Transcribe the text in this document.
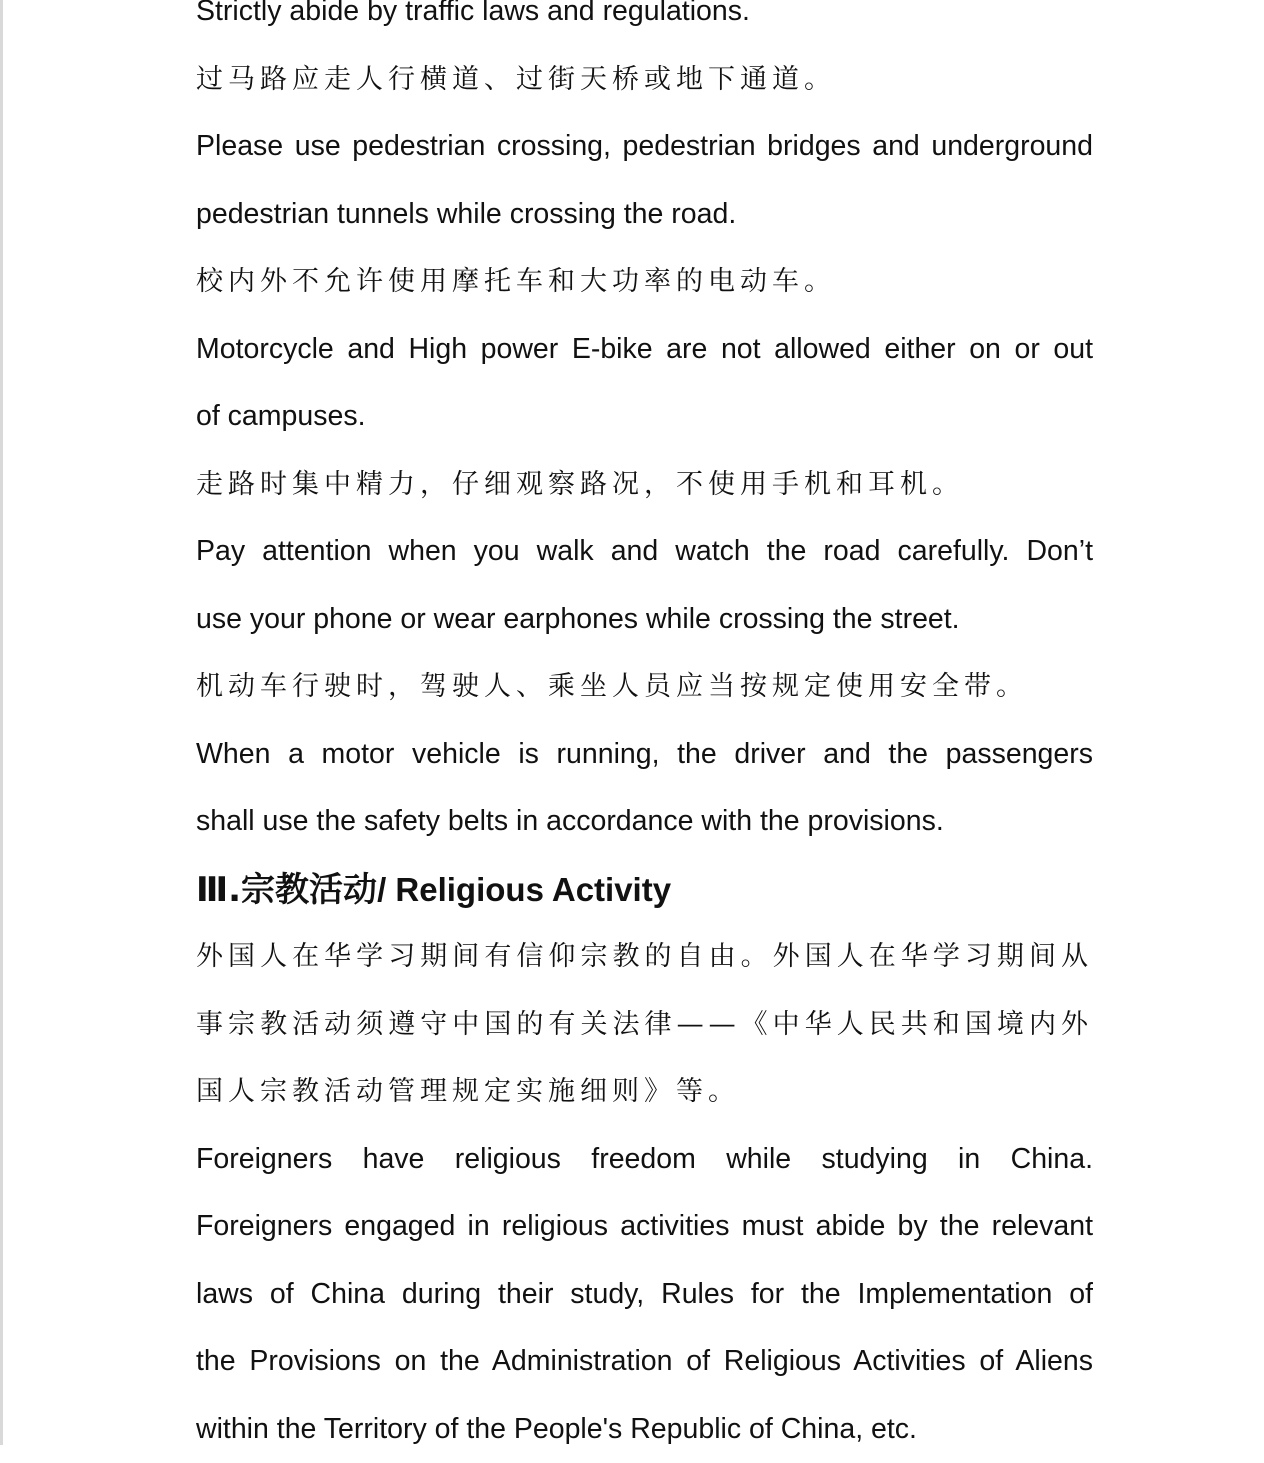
Strictly abide by traffic laws and regulations.
过马路应走人行横道、过街天桥或地下通道。
Please use pedestrian crossing, pedestrian bridges and underground
pedestrian tunnels while crossing the road.
校内外不允许使用摩托车和大功率的电动车。
Motorcycle and High power E-bike are not allowed either on or out
of campuses.
走路时集中精力，仔细观察路况，不使用手机和耳机。
Pay attention when you walk and watch the road carefully. Don’t
use your phone or wear earphones while crossing the street.
机动车行驶时，驾驶人、乘坐人员应当按规定使用安全带。
When a motor vehicle is running, the driver and the passengers
shall use the safety belts in accordance with the provisions.
Ⅲ.宗教活动/ Religious Activity
外国人在华学习期间有信仰宗教的自由。外国人在华学习期间从
事宗教活动须遵守中国的有关法律——《中华人民共和国境内外
国人宗教活动管理规定实施细则》等。
Foreigners have religious freedom while studying in China.
Foreigners engaged in religious activities must abide by the relevant
laws of China during their study, Rules for the Implementation of
the Provisions on the Administration of Religious Activities of Aliens
within the Territory of the People's Republic of China, etc.
